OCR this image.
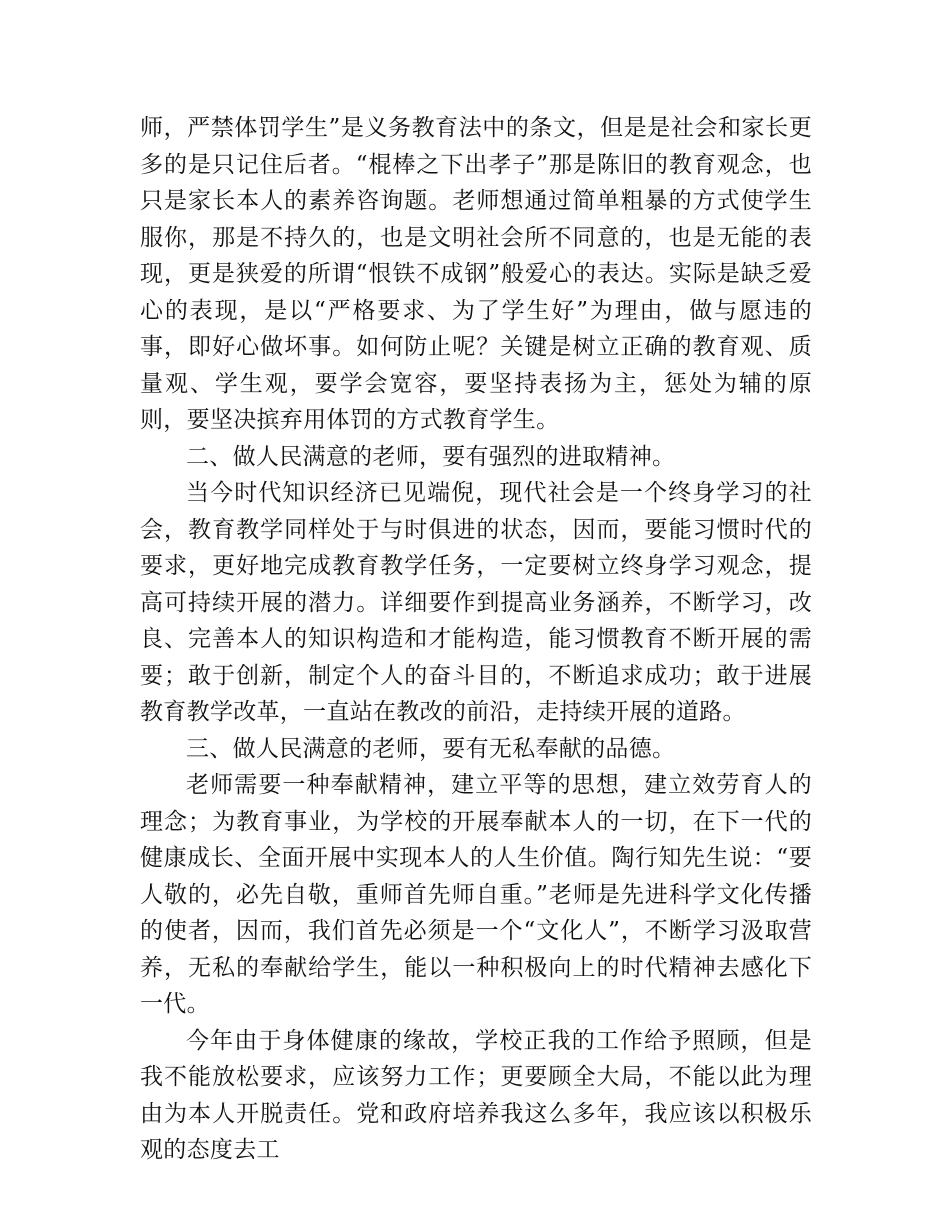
师，严禁体罚学生”是义务教育法中的条文，但是是社会和家长更多的是只记住后者。“棍棒之下出孝子”那是陈旧的教育观念，也只是家长本人的素养咨询题。老师想通过简单粗暴的方式使学生服你，那是不持久的，也是文明社会所不同意的，也是无能的表现，更是狭爱的所谓“恨铁不成钢”般爱心的表达。实际是缺乏爱心的表现，是以“严格要求、为了学生好”为理由，做与愿违的事，即好心做坏事。如何防止呢？关键是树立正确的教育观、质量观、学生观，要学会宽容，要坚持表扬为主，惩处为辅的原则，要坚决摈弃用体罚的方式教育学生。

二、做人民满意的老师，要有强烈的进取精神。

当今时代知识经济已见端倪，现代社会是一个终身学习的社会，教育教学同样处于与时俱进的状态，因而，要能习惯时代的要求，更好地完成教育教学任务，一定要树立终身学习观念，提高可持续开展的潜力。详细要作到提高业务涵养，不断学习，改良、完善本人的知识构造和才能构造，能习惯教育不断开展的需要；敢于创新，制定个人的奋斗目的，不断追求成功；敢于进展教育教学改革，一直站在教改的前沿，走持续开展的道路。

三、做人民满意的老师，要有无私奉献的品德。

老师需要一种奉献精神，建立平等的思想，建立效劳育人的理念；为教育事业，为学校的开展奉献本人的一切，在下一代的健康成长、全面开展中实现本人的人生价值。陶行知先生说：“要人敬的，必先自敬，重师首先师自重。”老师是先进科学文化传播的使者，因而，我们首先必须是一个“文化人”，不断学习汲取营养，无私的奉献给学生，能以一种积极向上的时代精神去感化下一代。

今年由于身体健康的缘故，学校正我的工作给予照顾，但是我不能放松要求，应该努力工作；更要顾全大局，不能以此为理由为本人开脱责任。党和政府培养我这么多年，我应该以积极乐观的态度去工
